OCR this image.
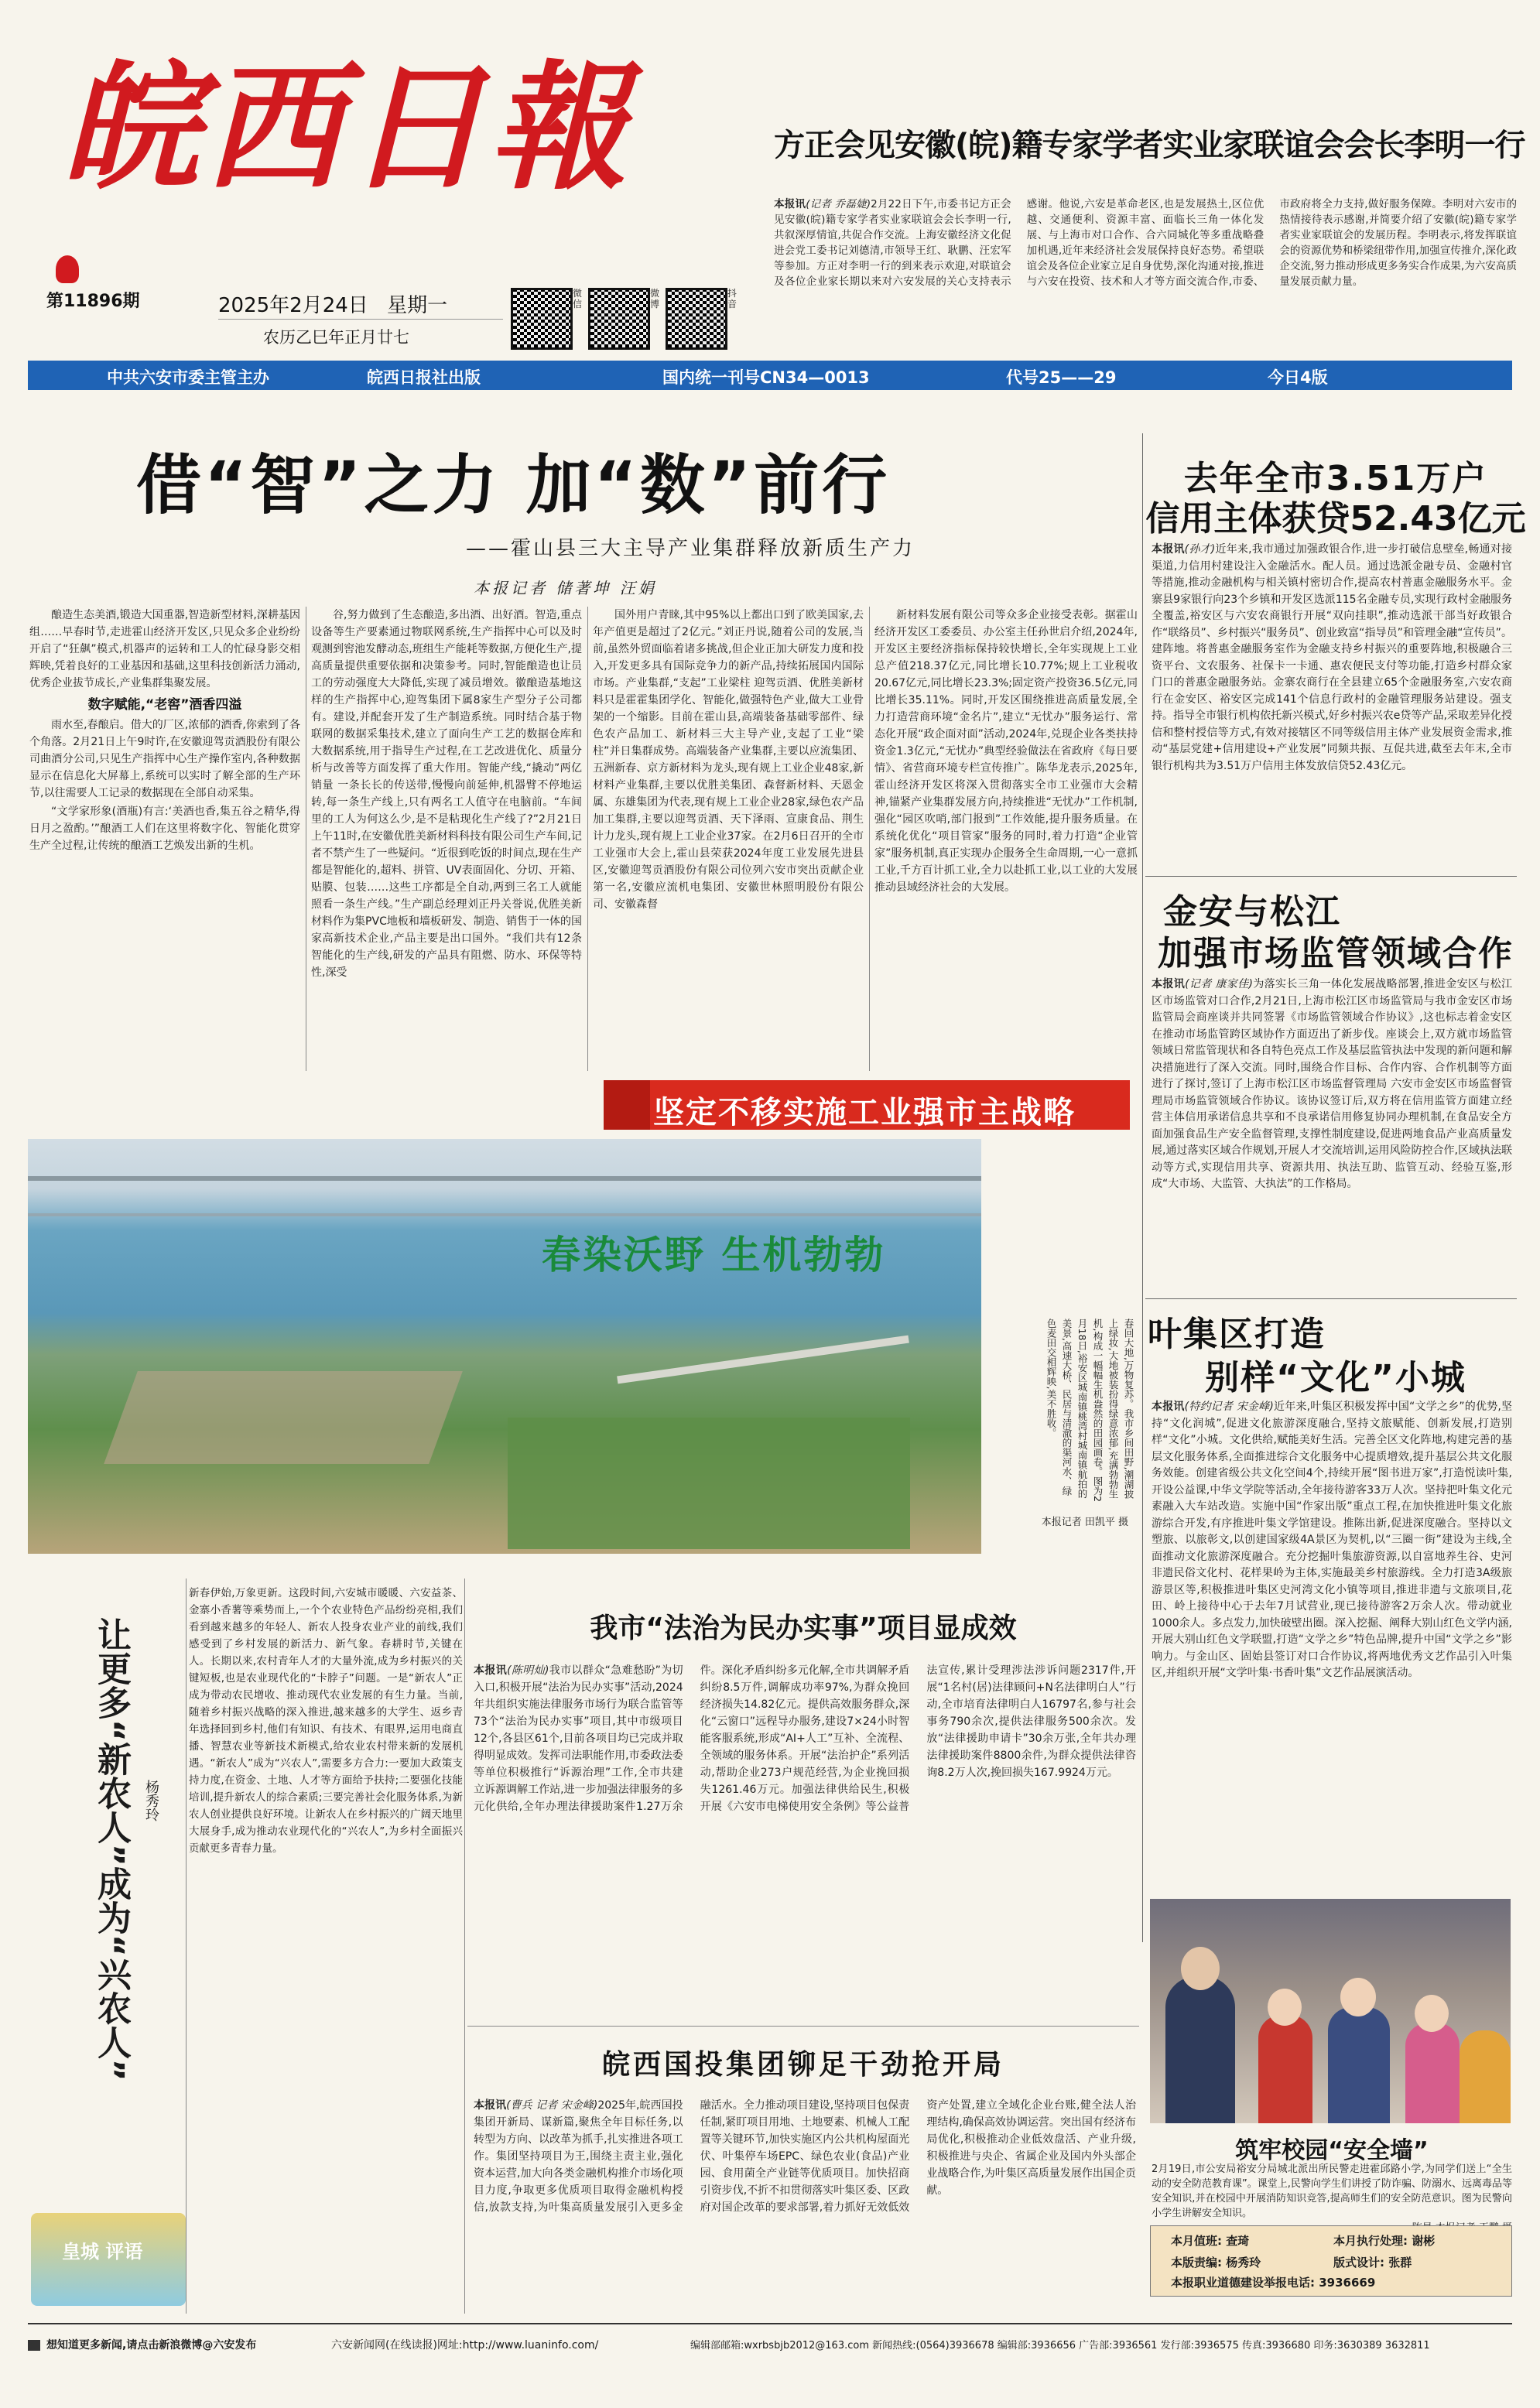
皖西日報
第11896期	2025年2月24日 星期一
农历乙巳年正月廿七
微信
微博
抖音
方正会见安徽(皖)籍专家学者实业家联谊会会长李明一行
本报讯(记者 乔磊婕)2月22日下午,市委书记方正会见安徽(皖)籍专家学者实业家联谊会会长李明一行,共叙深厚情谊,共促合作交流。上海安徽经济文化促进会党工委书记刘德清,市领导王红、耿鹏、汪宏军等参加。方正对李明一行的到来表示欢迎,对联谊会及各位企业家长期以来对六安发展的关心支持表示感谢。他说,六安是革命老区,也是发展热土,区位优越、交通便利、资源丰富、面临长三角一体化发展、与上海市对口合作、合六同城化等多重战略叠加机遇,近年来经济社会发展保持良好态势。希望联谊会及各位企业家立足自身优势,深化沟通对接,推进与六安在投资、技术和人才等方面交流合作,市委、市政府将全力支持,做好服务保障。李明对六安市的热情接待表示感谢,并简要介绍了安徽(皖)籍专家学者实业家联谊会的发展历程。李明表示,将发挥联谊会的资源优势和桥梁纽带作用,加强宣传推介,深化政企交流,努力推动形成更多务实合作成果,为六安高质量发展贡献力量。
中共六安市委主管主办	皖西日报社出版	国内统一刊号CN34—0013	代号25——29	今日4版
借“智”之力 加“数”前行
——霍山县三大主导产业集群释放新质生产力
本报记者 储著坤 汪娟

酿造生态美酒,锻造大国重器,智造新型材料,深耕基因组……早春时节,走进霍山经济开发区,只见众多企业纷纷开启了“狂飙”模式,机器声的运转和工人的忙碌身影交相辉映,凭着良好的工业基因和基础,这里科技创新活力涌动,优秀企业拔节成长,产业集群集聚发展。

数字赋能,“老窖”酒香四溢

雨水至,春酿启。借大的厂区,浓郁的酒香,你索到了各个角落。2月21日上午9时许,在安徽迎驾贡酒股份有限公司曲酒分公司,只见生产指挥中心生产操作室内,各种数据显示在信息化大屏幕上,系统可以实时了解全部的生产环节,以往需要人工记录的数据现在全部自动采集。

“文学家形象(酒瓶)有言:‘美酒也香,集五谷之精华,得日月之盈酌。’”酿酒工人们在这里将数字化、智能化贯穿生产全过程,让传统的酿酒工艺焕发出新的生机。

谷,努力做到了生态酿造,多出酒、出好酒。智造,重点设备等生产要素通过物联网系统,生产指挥中心可以及时观测到窖池发酵动态,班组生产能耗等数据,方便化生产,提高质量提供重要依据和决策参考。同时,智能酿造也让员工的劳动强度大大降低,实现了减员增效。徽酿造基地这样的生产指挥中心,迎驾集团下属8家生产型分子公司都有。建设,并配套开发了生产制造系统。同时结合基于物联网的数据采集技术,建立了面向生产工艺的数据仓库和大数据系统,用于指导生产过程,在工艺改进优化、质量分析与改善等方面发挥了重大作用。智能产线,“撬动”两亿销量 一条长长的传送带,慢慢向前延伸,机器臂不停地运转,每一条生产线上,只有两名工人值守在电脑前。“车间里的工人为何这么少,是不是粘现化生产线了?”2月21日上午11时,在安徽优胜美新材料科技有限公司生产车间,记者不禁产生了一些疑问。“近很到吃饭的时间点,现在生产都是智能化的,超料、拼管、UV表面固化、分切、开箱、贴膜、包装……这些工序都是全自动,两到三名工人就能照看一条生产线。”生产副总经理刘正丹关誉说,优胜美新材料作为集PVC地板和墙板研发、制造、销售于一体的国家高新技术企业,产品主要是出口国外。“我们共有12条智能化的生产线,研发的产品具有阻燃、防水、环保等特性,深受

国外用户青睐,其中95%以上都出口到了欧美国家,去年产值更是超过了2亿元。”刘正丹说,随着公司的发展,当前,虽然外贸面临着诸多挑战,但企业正加大研发力度和投入,开发更多具有国际竞争力的新产品,持续拓展国内国际市场。产业集群,“支起”工业梁柱 迎驾贡酒、优胜美新材料只是霍霍集团学化、智能化,做强特色产业,做大工业骨架的一个缩影。目前在霍山县,高端装备基础零部件、绿色农产品加工、新材料三大主导产业,支起了工业“梁柱”并日集群成势。高端装备产业集群,主要以应流集团、五洲新春、京方新材料为龙头,现有规上工业企业48家,新材料产业集群,主要以优胜美集团、森督新材料、天恩金属、东雄集团为代表,现有规上工业企业28家,绿色农产品加工集群,主要以迎驾贡酒、天下泽雨、宣康食品、荆生计力龙头,现有规上工业企业37家。在2月6日召开的全市工业强市大会上,霍山县荣获2024年度工业发展先进县区,安徽迎驾贡酒股份有限公司位列六安市突出贡献企业第一名,安徽应流机电集团、安徽世林照明股份有限公司、安徽森督

新材料发展有限公司等众多企业接受表彰。据霍山经济开发区工委委员、办公室主任孙世启介绍,2024年,开发区主要经济指标保持较快增长,全年实现规上工业总产值218.37亿元,同比增长10.77%;规上工业税收20.67亿元,同比增长23.3%;固定资产投资36.5亿元,同比增长35.11%。同时,开发区围绕推进高质量发展,全力打造营商环境“金名片”,建立“无忧办”服务运行、常态化开展“政企面对面”活动,2024年,兑现企业各类扶持资金1.3亿元,“无忧办”典型经验做法在省政府《每日要情》、省营商环境专栏宣传推广。陈华龙表示,2025年,霍山经济开发区将深入贯彻落实全市工业强市大会精神,锚紧产业集群发展方向,持续推进“无忧办”工作机制,强化“园区吹哨,部门报到”工作效能,提升服务质量。在系统化优化“项目管家”服务的同时,着力打造“企业管家”服务机制,真正实现办企服务全生命周期,一心一意抓工业,千方百计抓工业,全力以赴抓工业,以工业的大发展推动县域经济社会的大发展。

坚定不移实施工业强市主战略
去年全市3.51万户
信用主体获贷52.43亿元
本报讯(孙才)近年来,我市通过加强政银合作,进一步打破信息壁垒,畅通对接渠道,力信用村建设注入金融活水。配人员。通过选派金融专员、金融村官等措施,推动金融机构与相关镇村密切合作,提高农村普惠金融服务水平。金寨县9家银行向23个乡镇和开发区选派115名金融专员,实现行政村金融服务全覆盖,裕安区与六安农商银行开展“双向挂职”,推动选派干部当好政银合作“联络员”、乡村振兴“服务员”、创业致富“指导员”和管理金融“宣传员”。建阵地。将普惠金融服务室作为金融支持乡村振兴的重要阵地,积极融合三资平台、文农服务、社保卡一卡通、惠农便民支付等功能,打造乡村群众家门口的普惠金融服务站。金寨农商行在全县建立65个金融服务室,六安农商行在金安区、裕安区完成141个信息行政村的金融管理服务站建设。强支持。指导全市银行机构依托新兴模式,好乡村振兴农e贷等产品,采取差异化授信和整村授信等方式,有效对接辖区不同等级信用主体产业发展资金需求,推动“基层党建+信用建设+产业发展”同频共振、互促共进,截至去年末,全市银行机构共为3.51万户信用主体发放信贷52.43亿元。
金安与松江
加强市场监管领域合作
本报讯(记者 康家佳)为落实长三角一体化发展战略部署,推进金安区与松江区市场监管对口合作,2月21日,上海市松江区市场监管局与我市金安区市场监管局会商座谈并共同签署《市场监管领域合作协议》,这也标志着金安区在推动市场监管跨区域协作方面迈出了新步伐。座谈会上,双方就市场监管领域日常监管现状和各自特色亮点工作及基层监管执法中发现的新问题和解决措施进行了深入交流。同时,围绕合作目标、合作内容、合作机制等方面进行了探讨,签订了上海市松江区市场监督管理局 六安市金安区市场监督管理局市场监管领域合作协议。该协议签订后,双方将在信用监管方面建立经营主体信用承诺信息共享和不良承诺信用修复协同办理机制,在食品安全方面加强食品生产安全监督管理,支撑性制度建设,促进两地食品产业高质量发展,通过落实区域合作规划,开展人才交流培训,运用风险防控合作,区域执法联动等方式,实现信用共享、资源共用、执法互助、监管互动、经验互鉴,形成“大市场、大监管、大执法”的工作格局。
叶集区打造
别样“文化”小城
本报讯(特约记者 宋金峰)近年来,叶集区积极发挥中国“文学之乡”的优势,坚持“文化润城”,促进文化旅游深度融合,坚持文旅赋能、创新发展,打造别样“文化”小城。文化供给,赋能美好生活。完善全区文化阵地,构建完善的基层文化服务体系,全面推进综合文化服务中心提质增效,提升基层公共文化服务效能。创建省级公共文化空间4个,持续开展“图书进万家”,打造悦读叶集,开设公益课,中华文学院等活动,全年接待游客33万人次。坚持把叶集文化元素融入大车站改造。实施中国“作家出版”重点工程,在加快推进叶集文化旅游综合开发,有序推进叶集文学馆建设。推陈出新,促进深度融合。坚持以文塑旅、以旅彰文,以创建国家级4A景区为契机,以“三圈一街”建设为主线,全面推动文化旅游深度融合。充分挖掘叶集旅游资源,以自富地养生谷、史河非遗民俗文化村、花样果岭为主体,实施最美乡村旅游线。全力打造3A级旅游景区等,积极推进叶集区史河湾文化小镇等项目,推进非遗与文旅项目,花田、岭上接待中心于去年7月试营业,现已接待游客2万余人次。带动就业1000余人。多点发力,加快破壁出圈。深入挖掘、阐释大别山红色文学内涵,开展大别山红色文学联盟,打造“文学之乡”特色品牌,提升中国“文学之乡”影响力。与金山区、固始县签订对口合作协议,将两地优秀文艺作品引入叶集区,并组织开展“文学叶集·书香叶集”文艺作品展演活动。
筑牢校园“安全墙”
2月19日,市公安局裕安分局城北派出所民警走进霍邱路小学,为同学们送上“全生动的安全防范教育课”。课堂上,民警向学生们讲授了防诈骗、防溺水、远离毒品等安全知识,并在校园中开展消防知识竞答,提高师生们的安全防范意识。图为民警向小学生讲解安全知识。
本月值班: 查琦	本月执行处理: 谢彬
本版责编: 杨秀玲	版式设计: 张群
本报职业道德建设举报电话: 3936669
春染沃野 生机勃勃
春回大地,万物复苏。我市乡间田野,潮湖披上绿妆,大地被装扮得绿意浓郁,充满勃勃生机,构成一幅幅生机盎然的田园画卷。图为2月18日,裕安区城南镇桃湾村城南镇航拍的美景,高速大桥、民居与清澈的渠河水、绿色麦田交相辉映,美不胜收。
本报记者 田凯平 摄
让更多“新农人”成为“兴农人” 杨秀玲
新春伊始,万象更新。这段时间,六安城市暖暖、六安益茶、金寨小香薯等乘势而上,一个个农业特色产品纷纷亮相,我们看到越来越多的年轻人、新农人投身农业产业的前线,我们感受到了乡村发展的新活力、新气象。春耕时节,关键在人。长期以来,农村青年人才的大量外流,成为乡村振兴的关键短板,也是农业现代化的“卡脖子”问题。一是“新农人”正成为带动农民增收、推动现代农业发展的有生力量。当前,随着乡村振兴战略的深入推进,越来越多的大学生、返乡青年选择回到乡村,他们有知识、有技术、有眼界,运用电商直播、智慧农业等新技术新模式,给农业农村带来新的发展机遇。“新农人”成为“兴农人”,需要多方合力:一要加大政策支持力度,在资金、土地、人才等方面给予扶持;二要强化技能培训,提升新农人的综合素质;三要完善社会化服务体系,为新农人创业提供良好环境。让新农人在乡村振兴的广阔天地里大展身手,成为推动农业现代化的“兴农人”,为乡村全面振兴贡献更多青春力量。
皇城 评语
我市“法治为民办实事”项目显成效
本报讯(陈明灿)我市以群众“急难愁盼”为切入口,积极开展“法治为民办实事”活动,2024年共组织实施法律服务市场行为联合监管等73个“法治为民办实事”项目,其中市级项目12个,各县区61个,目前各项目均已完成并取得明显成效。发挥司法职能作用,市委政法委等单位积极推行“诉源治理”工作,全市共建立诉源调解工作站,进一步加强法律服务的多元化供给,全年办理法律援助案件1.27万余件。深化矛盾纠纷多元化解,全市共调解矛盾纠纷8.5万件,调解成功率97%,为群众挽回经济损失14.82亿元。提供高效服务群众,深化“云窗口”远程导办服务,建设7×24小时智能客服系统,形成“AI+人工”互补、全流程、全领域的服务体系。开展“法治护企”系列活动,帮助企业273户规范经营,为企业挽回损失1261.46万元。加强法律供给民生,积极开展《六安市电梯使用安全条例》等公益普法宣传,累计受理涉法涉诉问题2317件,开展“1名村(居)法律顾问+N名法律明白人”行动,全市培育法律明白人16797名,参与社会事务790余次,提供法律服务500余次。发放“法律援助申请卡”30余万张,全年共办理法律援助案件8800余件,为群众提供法律咨询8.2万人次,挽回损失167.9924万元。
皖西国投集团铆足干劲抢开局
本报讯(曹兵 记者 宋金峰)2025年,皖西国投集团开新局、谋新篇,聚焦全年目标任务,以转型为方向、以改革为抓手,扎实推进各项工作。集团坚持项目为王,围绕主责主业,强化资本运营,加大向各类金融机构推介市场化项目力度,争取更多优质项目取得金融机构授信,放款支持,为叶集高质量发展引入更多金融活水。全力推动项目建设,坚持项目包保责任制,紧盯项目用地、土地要素、机械人工配置等关键环节,加快实施区内公共机构屋面光伏、叶集停车场EPC、绿色农业(食品)产业园、食用菌全产业链等优质项目。加快招商引资步伐,不折不扣贯彻落实叶集区委、区政府对国企改革的要求部署,着力抓好无效低效资产处置,建立全域化企业台账,健全法人治理结构,确保高效协调运营。突出国有经济布局优化,积极推动企业低效盘活、产业升级,积极推进与央企、省属企业及国内外头部企业战略合作,为叶集区高质量发展作出国企贡献。
想知道更多新闻,请点击新浪微博@六安发布	六安新闻网(在线读报)网址:http://www.luaninfo.com/	编辑部邮箱:wxrbsbjb2012@163.com 新闻热线:(0564)3936678 编辑部:3936656 广告部:3936561 发行部:3936575 传真:3936680 印务:3630389 3632811
